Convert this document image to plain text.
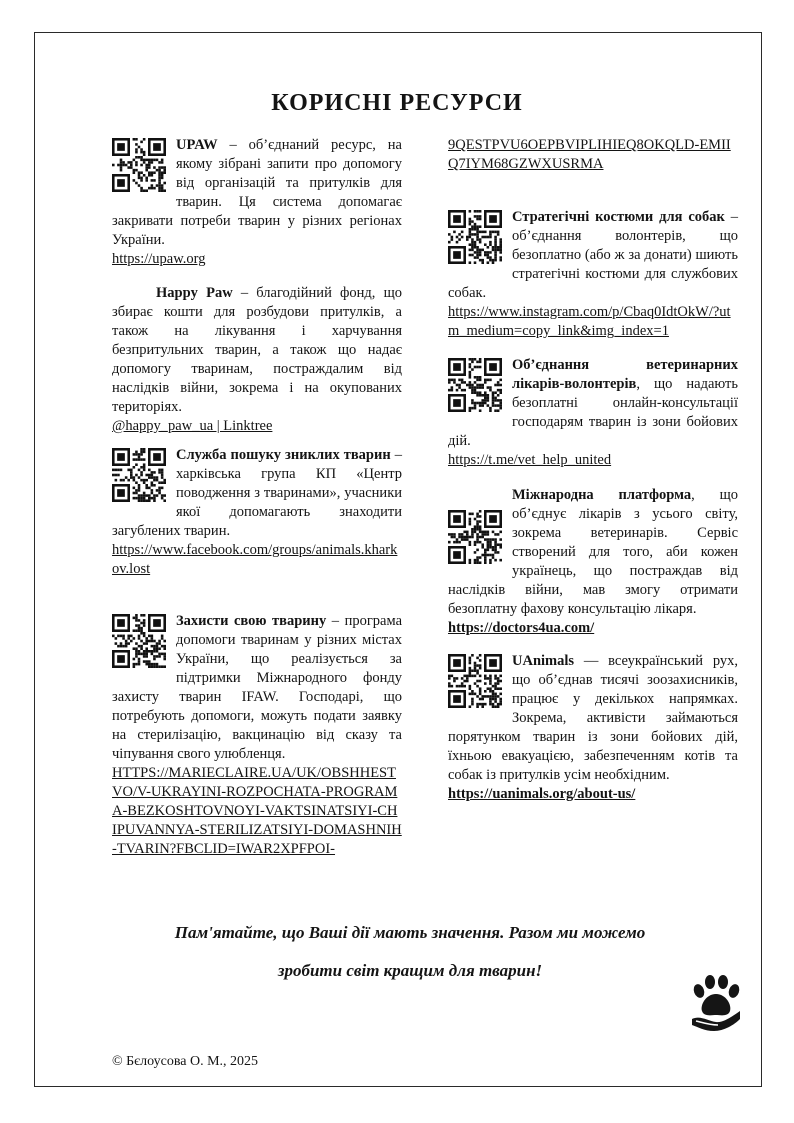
КОРИСНІ РЕСУРСИ
UPAW – об’єднаний ресурс, на якому зібрані запити про допомогу від організацій та притулків для тварин. Ця система допомагає закривати потреби тварин у різних регіонах України.
https://upaw.org
Happy Paw – благодійний фонд, що збирає кошти для розбудови притулків, а також на лікування і харчування безпритульних тварин, а також що надає допомогу тваринам, постраждалим від наслідків війни, зокрема і на окупованих територіях.
@happy_paw_ua | Linktree
Служба пошуку зниклих тварин – харківська група КП «Центр поводження з тваринами», учасники якої допомагають знаходити загублених тварин.
https://www.facebook.com/groups/animals.kharkov.lost
Захисти свою тварину – програма допомоги тваринам у різних містах України, що реалізується за підтримки Міжнародного фонду захисту тварин IFAW. Господарі, що потребують допомоги, можуть подати заявку на стерилізацію, вакцинацію від сказу та чіпування свого улюбленця.
HTTPS://MARIECLAIRE.UA/UK/OBSHHESTVO/V-UKRAYINI-ROZPOCHATA-PROGRAMA-BEZKOSHTOVNOYI-VAKTSINATSIYI-CHIPUVANNYA-STERILIZATSIYI-DOMASHNIH-TVARIN?FBCLID=IWAR2XPFPOI-
9QESTPVU6OEPBVIPLIHIEQ8OKQLD-EMIIQ7IYM68GZWXUSRMA
Стратегічні костюми для собак – об’єднання волонтерів, що безоплатно (або ж за донати) шиють стратегічні костюми для службових собак.
https://www.instagram.com/p/Cbaq0IdtOkW/?utm_medium=copy_link&img_index=1
Об’єднання ветеринарних лікарів-волонтерів, що надають безоплатні онлайн-консультації господарям тварин із зони бойових дій.
https://t.me/vet_help_united
Міжнародна платформа, що об’єднує лікарів з усього світу, зокрема ветеринарів. Сервіс створений для того, аби кожен українець, що постраждав від наслідків війни, мав змогу отримати безоплатну фахову консультацію лікаря.
https://doctors4ua.com/
UAnimals — всеукраїнський рух, що об’єднав тисячі зоозахисників, працює у декількох напрямках. Зокрема, активісти займаються порятунком тварин із зони бойових дій, їхньою евакуацією, забезпеченням котів та собак із притулків усім необхідним.
https://uanimals.org/about-us/
Пам'ятайте, що Ваші дії мають значення. Разом ми можемо
зробити світ кращим для тварин!
© Бєлоусова О. М., 2025
